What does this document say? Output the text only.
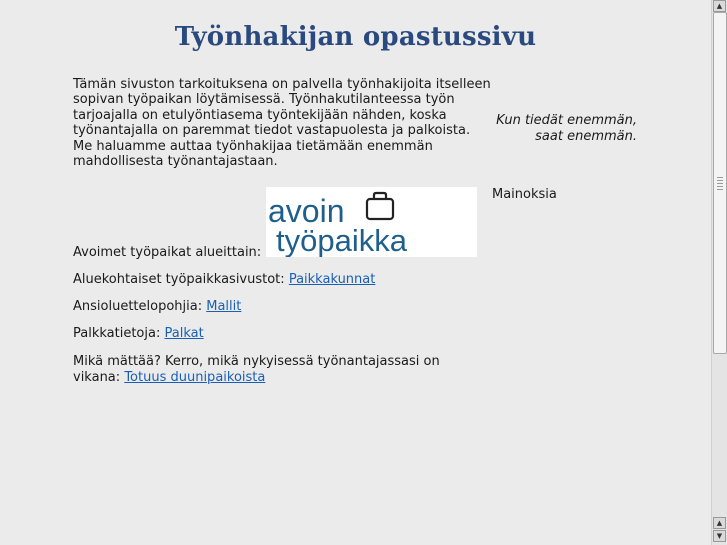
Työnhakijan opastussivu

Tämän sivuston tarkoituksena on palvella työnhakijoita itselleen sopivan työpaikan löytämisessä. Työnhakutilanteessa työn tarjoajalla on etulyöntiasema työntekijään nähden, koska työnantajalla on paremmat tiedot vastapuolesta ja palkoista. Me haluamme auttaa työnhakijaa tietämään enemmän mahdollisesta työnantajastaan.

Kun tiedät enemmän,
saat enemmän.
Mainoksia
avoin
työpaikka
Avoimet työpaikat alueittain:
Aluekohtaiset työpaikkasivustot: Paikkakunnat
Ansioluettelopohjia: Mallit
Palkkatietoja: Palkat
Mikä mättää? Kerro, mikä nykyisessä työnantajassasi on vikana: Totuus duunipaikoista
▲
▲
▼
